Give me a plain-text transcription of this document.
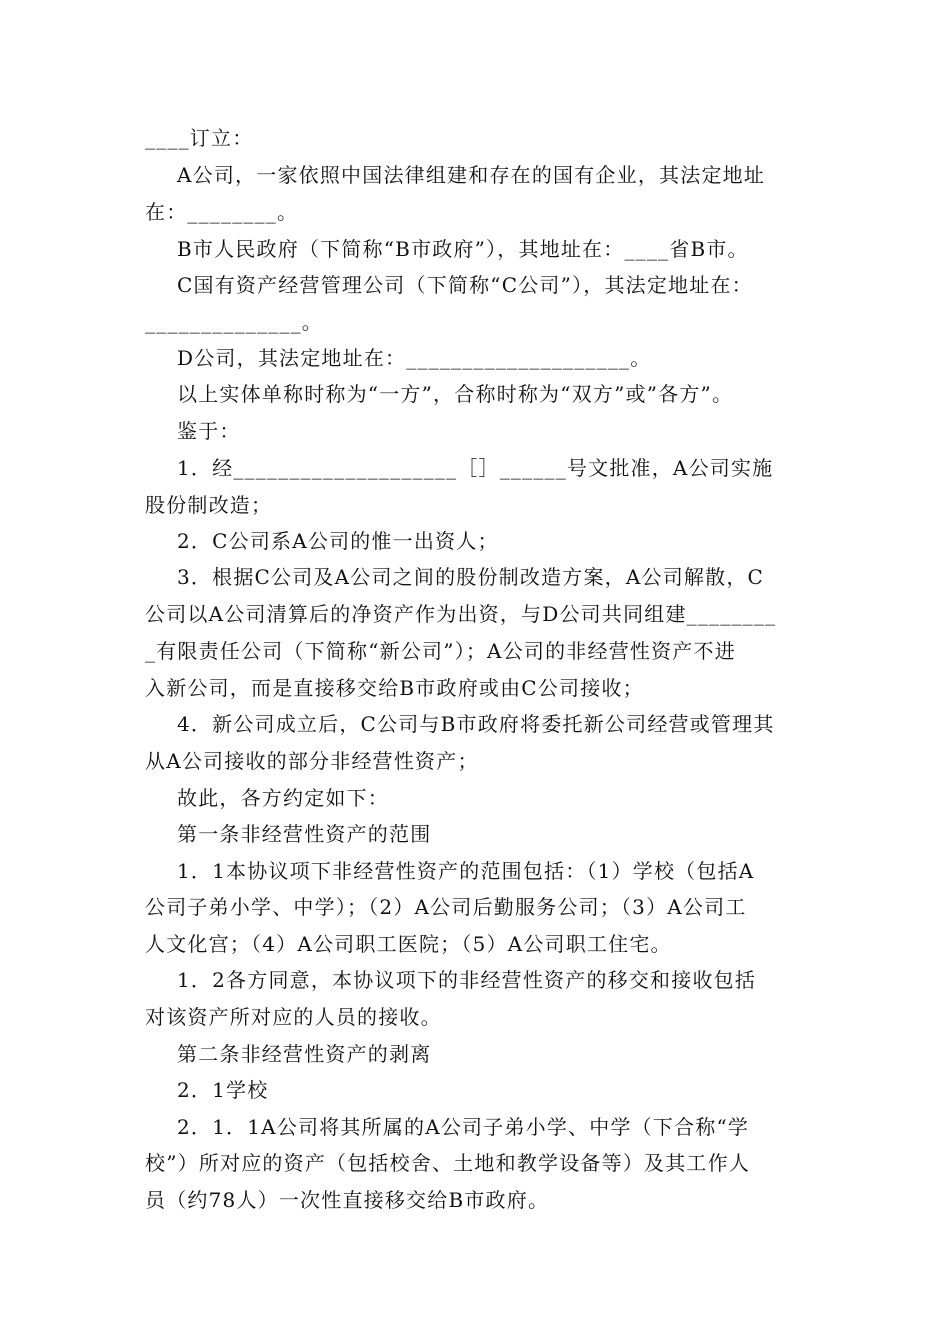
____订立：
A公司，一家依照中国法律组建和存在的国有企业，其法定地址
在：________。
B市人民政府（下简称“B市政府”），其地址在：____省B市。
C国有资产经营管理公司（下简称“C公司”），其法定地址在：
______________。
D公司，其法定地址在：____________________。
以上实体单称时称为“一方”，合称时称为“双方”或”各方”。
鉴于：
1．经____________________［］______号文批准，A公司实施
股份制改造；
2．C公司系A公司的惟一出资人；
3．根据C公司及A公司之间的股份制改造方案，A公司解散，C
公司以A公司清算后的净资产作为出资，与D公司共同组建________
_有限责任公司（下简称“新公司”）；A公司的非经营性资产不进
入新公司，而是直接移交给B市政府或由C公司接收；
4．新公司成立后，C公司与B市政府将委托新公司经营或管理其
从A公司接收的部分非经营性资产；
故此，各方约定如下：
第一条非经营性资产的范围
1．1本协议项下非经营性资产的范围包括：（1）学校（包括A
公司子弟小学、中学）；（2）A公司后勤服务公司；（3）A公司工
人文化宫；（4）A公司职工医院；（5）A公司职工住宅。
1．2各方同意，本协议项下的非经营性资产的移交和接收包括
对该资产所对应的人员的接收。
第二条非经营性资产的剥离
2．1学校
2．1．1A公司将其所属的A公司子弟小学、中学（下合称“学
校”）所对应的资产（包括校舍、土地和教学设备等）及其工作人
员（约78人）一次性直接移交给B市政府。
